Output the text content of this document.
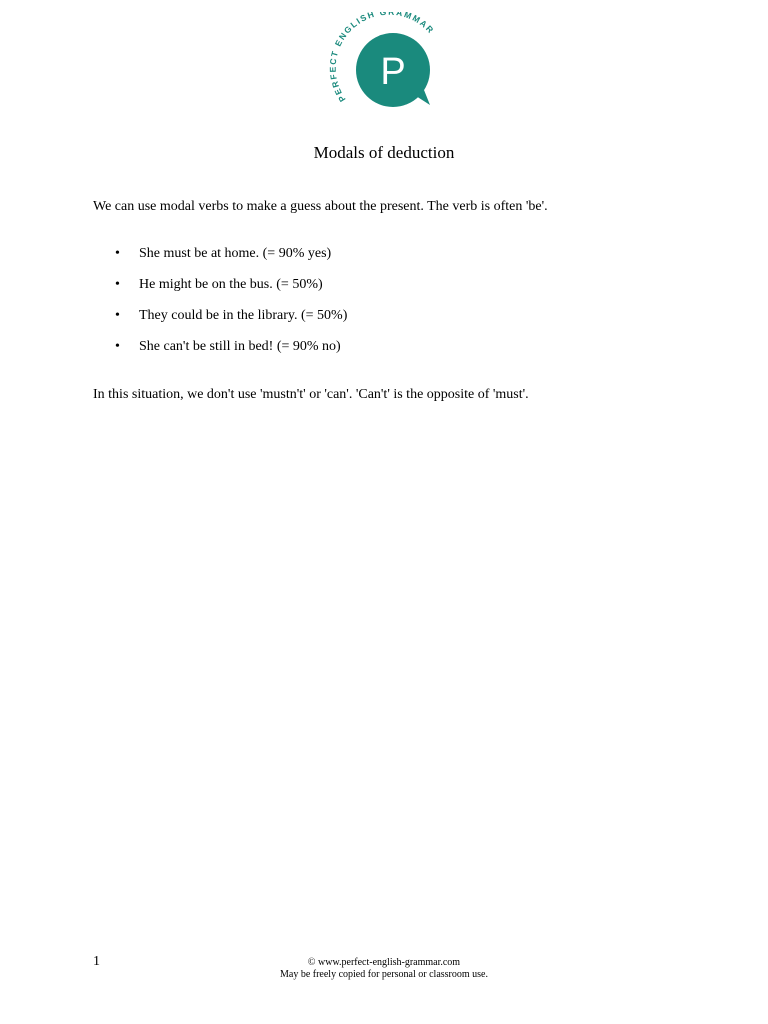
PERFECT ENGLISH AMMAR
P
Modals of deduction

We can use modal verbs to make a guess about the present. The verb is often 'be'.

• She must be at home. (= 90% yes)
• He might be on the bus. (= 50%)
• They could be in the library. (= 50%)
• She can't be still in bed! (= 90% no)

In this situation, we don't use 'mustn't' or 'can'. 'Can't' is the opposite of 'must'.

1	© www.perfect-english-grammar.com
May be freely copied for personal or classroom use.
